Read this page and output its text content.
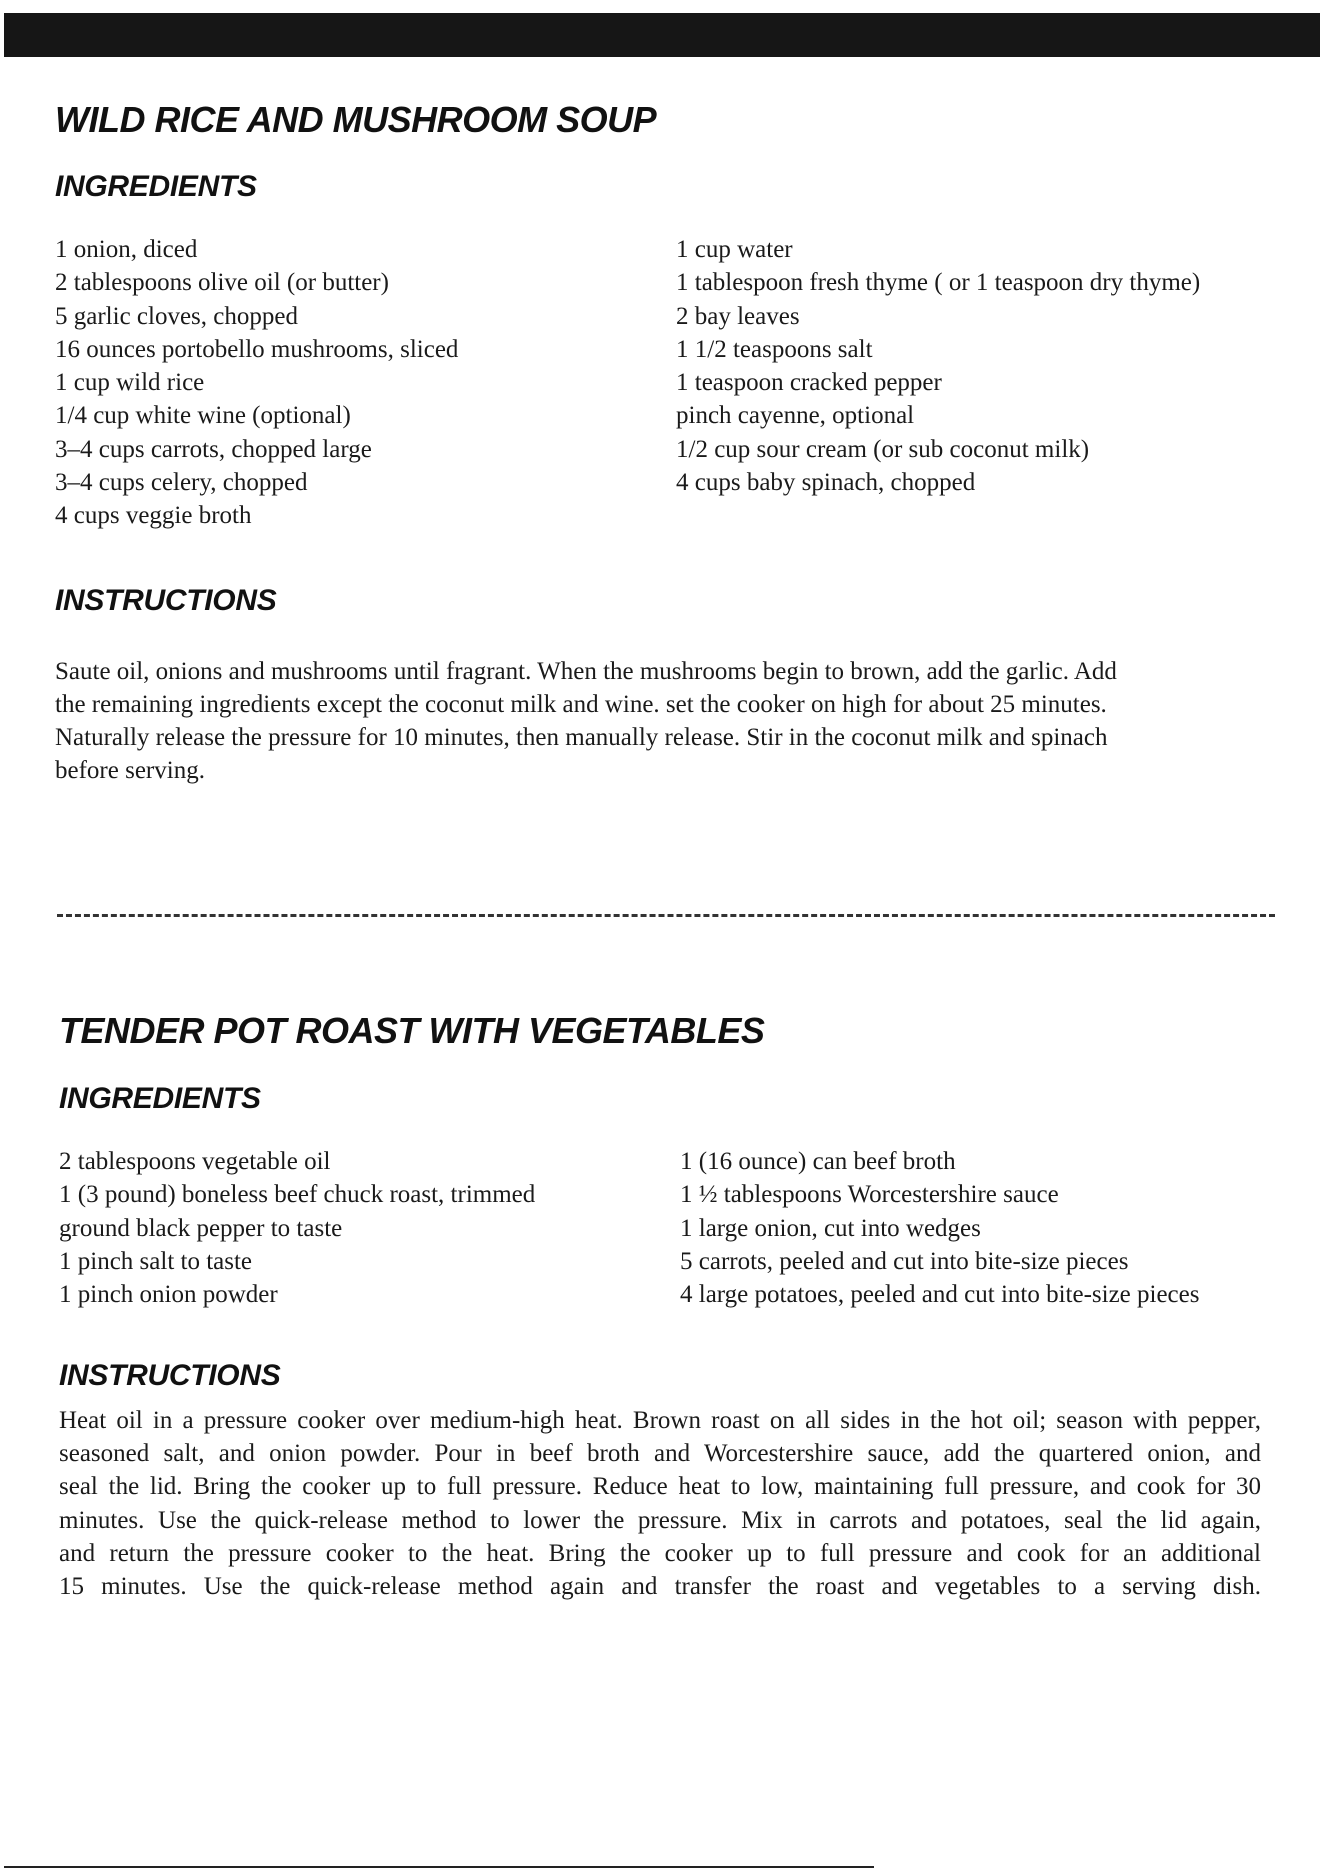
WILD RICE AND MUSHROOM SOUP
INGREDIENTS
1 onion, diced
2 tablespoons olive oil (or butter)
5 garlic cloves, chopped
16 ounces portobello mushrooms, sliced
1 cup wild rice
1/4 cup white wine (optional)
3–4 cups carrots, chopped large
3–4 cups celery, chopped
4 cups veggie broth
1 cup water
1 tablespoon fresh thyme ( or 1 teaspoon dry thyme)
2 bay leaves
1 1/2 teaspoons salt
1 teaspoon cracked pepper
pinch cayenne, optional
1/2 cup sour cream (or sub coconut milk)
4 cups baby spinach, chopped
INSTRUCTIONS
Saute oil, onions and mushrooms until fragrant. When the mushrooms begin to brown, add the garlic. Add
the remaining ingredients except the coconut milk and wine. set the cooker on high for about 25 minutes.
Naturally release the pressure for 10 minutes, then manually release. Stir in the coconut milk and spinach
before serving.
TENDER POT ROAST WITH VEGETABLES
INGREDIENTS
2 tablespoons vegetable oil
1 (3 pound) boneless beef chuck roast, trimmed
ground black pepper to taste
1 pinch salt to taste
1 pinch onion powder
1 (16 ounce) can beef broth
1 ½ tablespoons Worcestershire sauce
1 large onion, cut into wedges
5 carrots, peeled and cut into bite-size pieces
4 large potatoes, peeled and cut into bite-size pieces
INSTRUCTIONS
Heat oil in a pressure cooker over medium-high heat. Brown roast on all sides in the hot oil; season with pepper,
seasoned salt, and onion powder. Pour in beef broth and Worcestershire sauce, add the quartered onion, and
seal the lid. Bring the cooker up to full pressure. Reduce heat to low, maintaining full pressure, and cook for 30
minutes. Use the quick-release method to lower the pressure. Mix in carrots and potatoes, seal the lid again,
and return the pressure cooker to the heat. Bring the cooker up to full pressure and cook for an additional
15 minutes. Use the quick-release method again and transfer the roast and vegetables to a serving dish.
